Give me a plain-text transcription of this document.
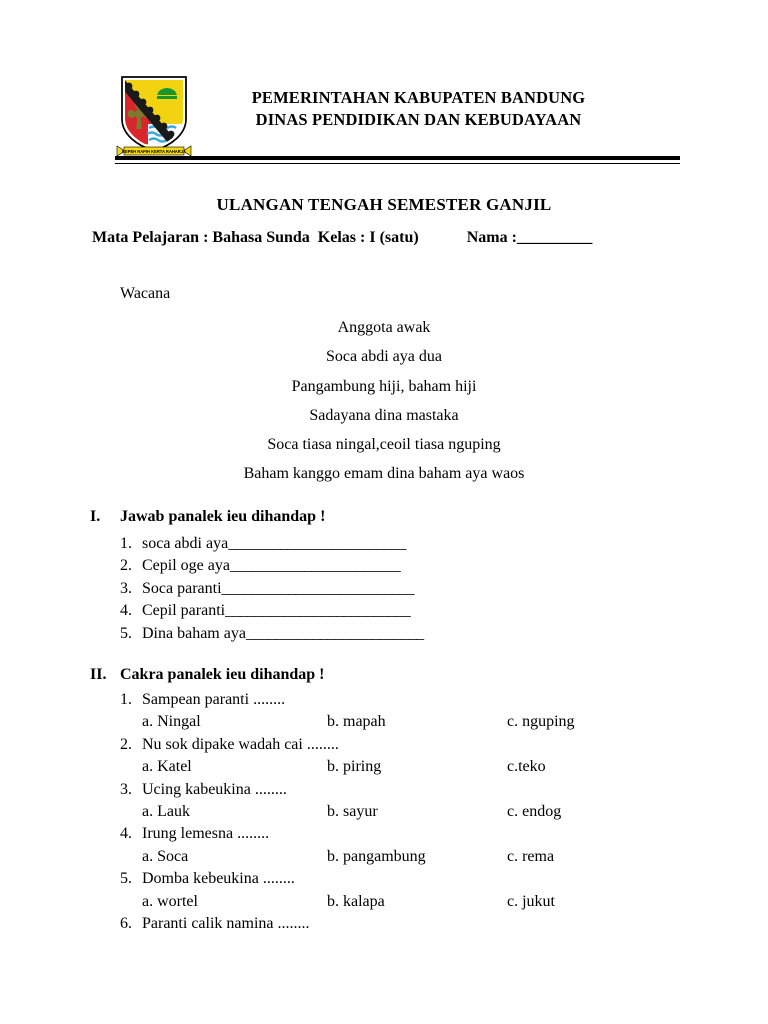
REPEH RAPIH KERTA RAHARJA
PEMERINTAHAN KABUPATEN BANDUNG
DINAS PENDIDIKAN DAN KEBUDAYAAN
ULANGAN TENGAH SEMESTER GANJIL
Mata Pelajaran : Bahasa Sunda Kelas : I (satu)	Nama :__________
Wacana
Anggota awak
Soca abdi aya dua
Pangambung hiji, baham hiji
Sadayana dina mastaka
Soca tiasa ningal,ceoil tiasa nguping
Baham kanggo emam dina baham aya waos
I.	Jawab panalek ieu dihandap !
1. soca abdi aya________________________
2. Cepil oge aya_______________________
3. Soca paranti__________________________
4. Cepil paranti_________________________
5. Dina baham aya________________________
II. Cakra panalek ieu dihandap !
1. Sampean paranti ........
a. Ningal	b. mapah	c. nguping
2. Nu sok dipake wadah cai ........
a. Katel	b. piring	c.teko
3. Ucing kabeukina ........
a. Lauk	b. sayur	c. endog
4. Irung lemesna ........
a. Soca	b. pangambung	c. rema
5. Domba kebeukina ........
a. wortel	b. kalapa	c. jukut
6. Paranti calik namina ........
